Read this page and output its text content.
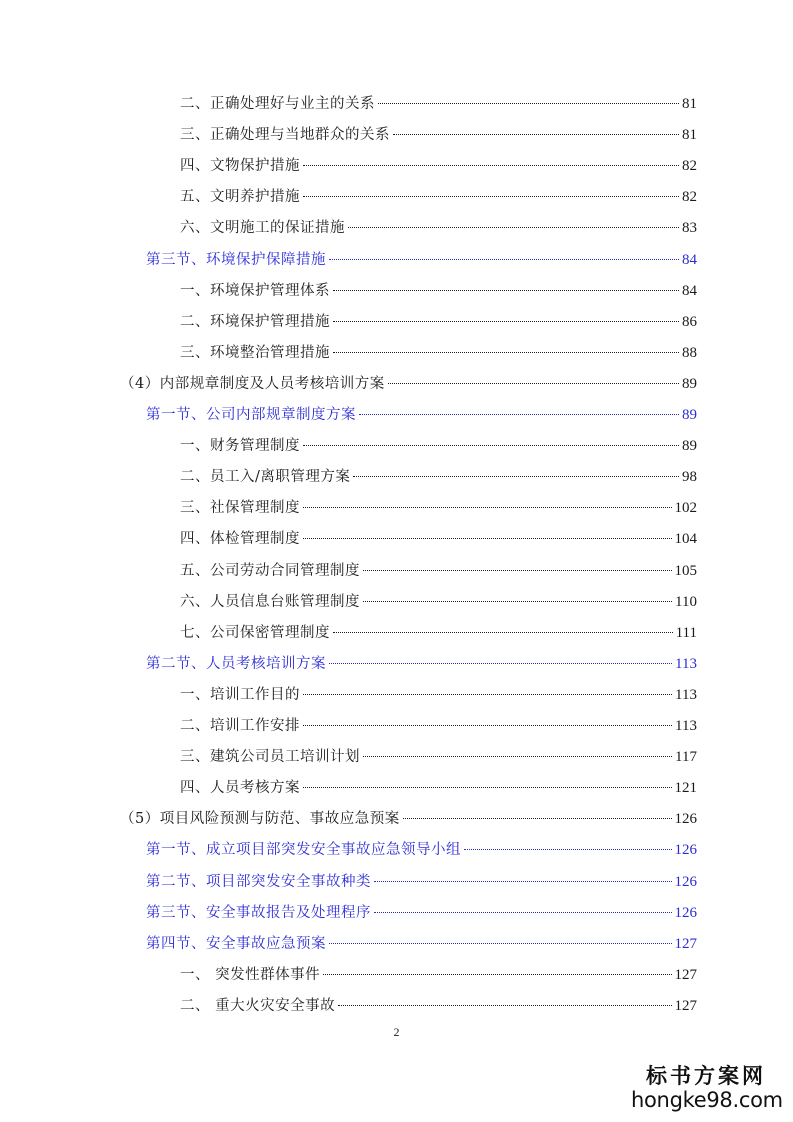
二、正确处理好与业主的关系	81
三、正确处理与当地群众的关系	81
四、文物保护措施	82
五、文明养护措施	82
六、文明施工的保证措施	83
第三节、环境保护保障措施	84
一、环境保护管理体系	84
二、环境保护管理措施	86
三、环境整治管理措施	88
（4）内部规章制度及人员考核培训方案	89
第一节、公司内部规章制度方案	89
一、财务管理制度	89
二、员工入/离职管理方案	98
三、社保管理制度	102
四、体检管理制度	104
五、公司劳动合同管理制度	105
六、人员信息台账管理制度	110
七、公司保密管理制度	111
第二节、人员考核培训方案	113
一、培训工作目的	113
二、培训工作安排	113
三、建筑公司员工培训计划	117
四、人员考核方案	121
（5）项目风险预测与防范、事故应急预案	126
第一节、成立项目部突发安全事故应急领导小组	126
第二节、项目部突发安全事故种类	126
第三节、安全事故报告及处理程序	126
第四节、安全事故应急预案	127
一、 突发性群体事件	127
二、 重大火灾安全事故	127
2
标书方案网
hongke98.com
